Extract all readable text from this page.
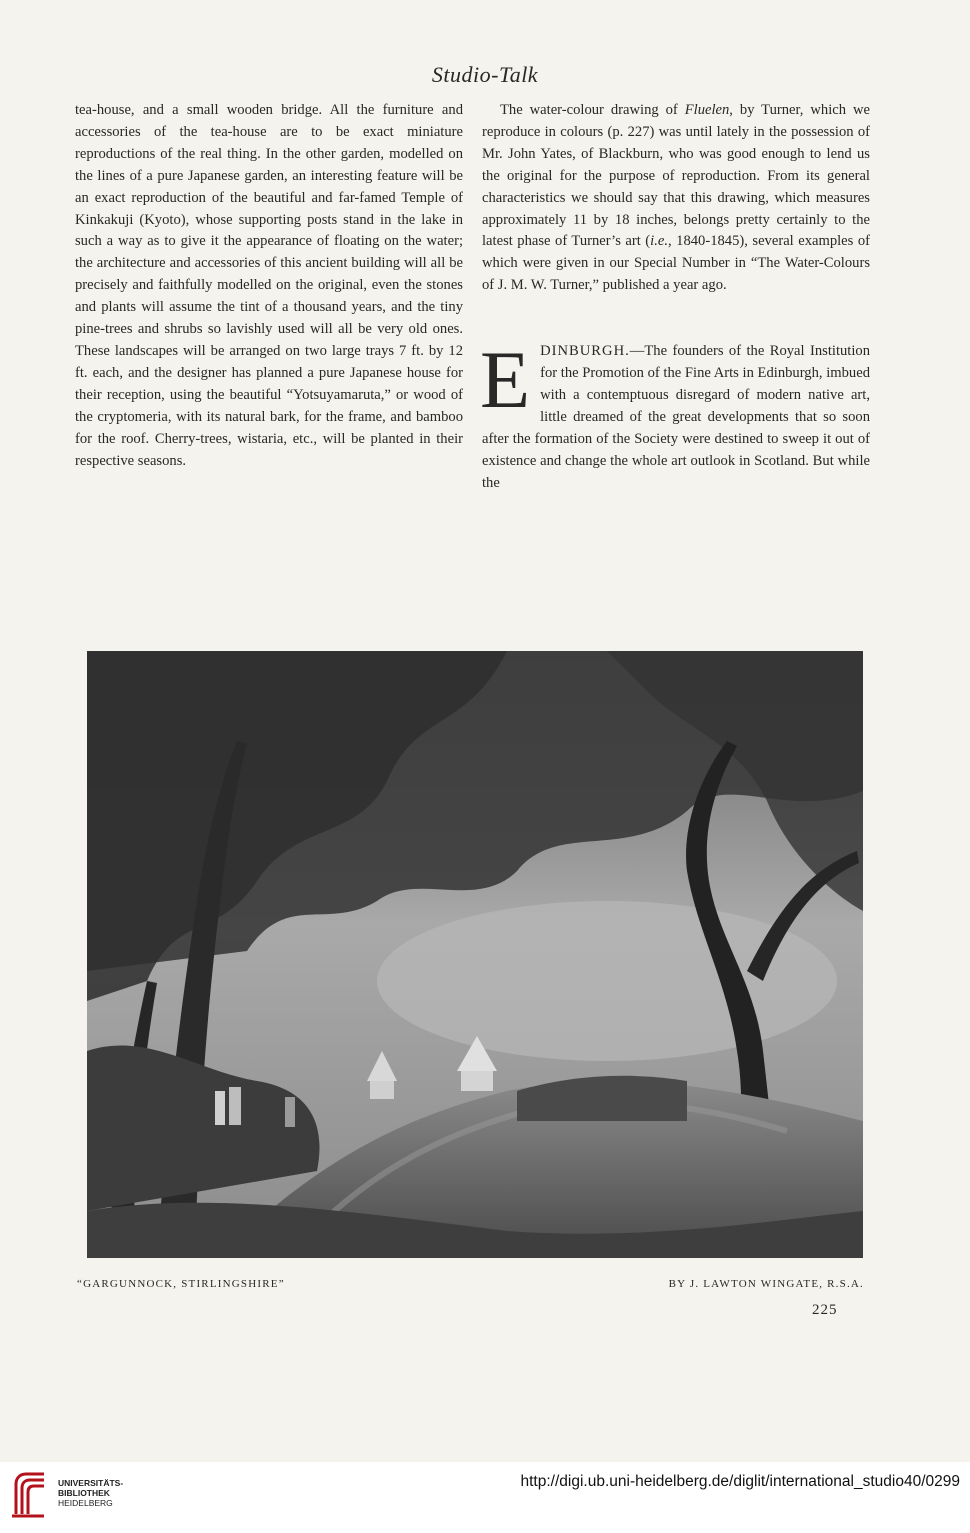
Studio-Talk

tea-house, and a small wooden bridge. All the furniture and accessories of the tea-house are to be exact miniature reproductions of the real thing. In the other garden, modelled on the lines of a pure Japanese garden, an interesting feature will be an exact reproduction of the beautiful and far-famed Temple of Kinkakuji (Kyoto), whose supporting posts stand in the lake in such a way as to give it the appearance of floating on the water; the architecture and accessories of this ancient building will all be precisely and faithfully modelled on the original, even the stones and plants will assume the tint of a thousand years, and the tiny pine-trees and shrubs so lavishly used will all be very old ones. These landscapes will be arranged on two large trays 7 ft. by 12 ft. each, and the designer has planned a pure Japanese house for their reception, using the beautiful “Yotsuyamaruta,” or wood of the cryptomeria, with its natural bark, for the frame, and bamboo for the roof. Cherry-trees, wistaria, etc., will be planted in their respective seasons.

The water-colour drawing of Fluelen, by Turner, which we reproduce in colours (p. 227) was until lately in the possession of Mr. John Yates, of Blackburn, who was good enough to lend us the original for the purpose of reproduction. From its general characteristics we should say that this drawing, which measures approximately 11 by 18 inches, belongs pretty certainly to the latest phase of Turner’s art (i.e., 1840-1845), several examples of which were given in our Special Number in “The Water-Colours of J. M. W. Turner,” published a year ago.

EDINBURGH.—The founders of the Royal Institution for the Promotion of the Fine Arts in Edinburgh, imbued with a contemptuous disregard of modern native art, little dreamed of the great developments that so soon after the formation of the Society were destined to sweep it out of existence and change the whole art outlook in Scotland. But while the

“GARGUNNOCK, STIRLINGSHIRE”	BY J. LAWTON WINGATE, R.S.A.
225
UNIVERSITÄTS-
BIBLIOTHEK
HEIDELBERG
http://digi.ub.uni-heidelberg.de/diglit/international_studio40/0299
